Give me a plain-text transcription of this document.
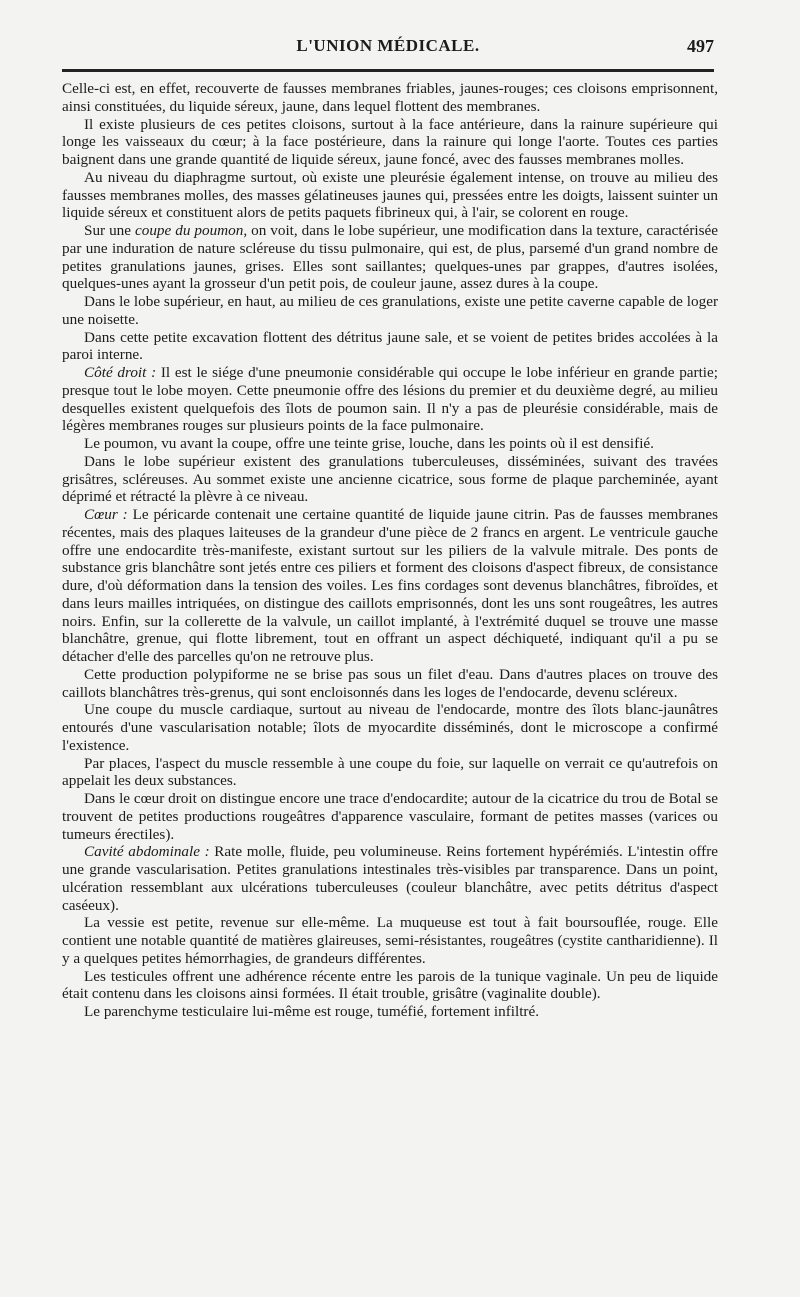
L'UNION MÉDICALE.	497

Celle-ci est, en effet, recouverte de fausses membranes friables, jaunes-rouges; ces cloisons emprisonnent, ainsi constituées, du liquide séreux, jaune, dans lequel flottent des membranes.

Il existe plusieurs de ces petites cloisons, surtout à la face antérieure, dans la rainure supérieure qui longe les vaisseaux du cœur; à la face postérieure, dans la rainure qui longe l'aorte. Toutes ces parties baignent dans une grande quantité de liquide séreux, jaune foncé, avec des fausses membranes molles.

Au niveau du diaphragme surtout, où existe une pleurésie également intense, on trouve au milieu des fausses membranes molles, des masses gélatineuses jaunes qui, pressées entre les doigts, laissent suinter un liquide séreux et constituent alors de petits paquets fibrineux qui, à l'air, se colorent en rouge.

Sur une coupe du poumon, on voit, dans le lobe supérieur, une modification dans la texture, caractérisée par une induration de nature scléreuse du tissu pulmonaire, qui est, de plus, parsemé d'un grand nombre de petites granulations jaunes, grises. Elles sont saillantes; quelques-unes par grappes, d'autres isolées, quelques-unes ayant la grosseur d'un petit pois, de couleur jaune, assez dures à la coupe.

Dans le lobe supérieur, en haut, au milieu de ces granulations, existe une petite caverne capable de loger une noisette.

Dans cette petite excavation flottent des détritus jaune sale, et se voient de petites brides accolées à la paroi interne.

Côté droit : Il est le siége d'une pneumonie considérable qui occupe le lobe inférieur en grande partie; presque tout le lobe moyen. Cette pneumonie offre des lésions du premier et du deuxième degré, au milieu desquelles existent quelquefois des îlots de poumon sain. Il n'y a pas de pleurésie considérable, mais de légères membranes rouges sur plusieurs points de la face pulmonaire.

Le poumon, vu avant la coupe, offre une teinte grise, louche, dans les points où il est densifié.

Dans le lobe supérieur existent des granulations tuberculeuses, disséminées, suivant des travées grisâtres, scléreuses. Au sommet existe une ancienne cicatrice, sous forme de plaque parcheminée, ayant déprimé et rétracté la plèvre à ce niveau.

Cœur : Le péricarde contenait une certaine quantité de liquide jaune citrin. Pas de fausses membranes récentes, mais des plaques laiteuses de la grandeur d'une pièce de 2 francs en argent. Le ventricule gauche offre une endocardite très-manifeste, existant surtout sur les piliers de la valvule mitrale. Des ponts de substance gris blanchâtre sont jetés entre ces piliers et forment des cloisons d'aspect fibreux, de consistance dure, d'où déformation dans la tension des voiles. Les fins cordages sont devenus blanchâtres, fibroïdes, et dans leurs mailles intriquées, on distingue des caillots emprisonnés, dont les uns sont rougeâtres, les autres noirs. Enfin, sur la collerette de la valvule, un caillot implanté, à l'extrémité duquel se trouve une masse blanchâtre, grenue, qui flotte librement, tout en offrant un aspect déchiqueté, indiquant qu'il a pu se détacher d'elle des parcelles qu'on ne retrouve plus.

Cette production polypiforme ne se brise pas sous un filet d'eau. Dans d'autres places on trouve des caillots blanchâtres très-grenus, qui sont encloisonnés dans les loges de l'endocarde, devenu scléreux.

Une coupe du muscle cardiaque, surtout au niveau de l'endocarde, montre des îlots blanc-jaunâtres entourés d'une vascularisation notable; îlots de myocardite disséminés, dont le microscope a confirmé l'existence.

Par places, l'aspect du muscle ressemble à une coupe du foie, sur laquelle on verrait ce qu'autrefois on appelait les deux substances.

Dans le cœur droit on distingue encore une trace d'endocardite; autour de la cicatrice du trou de Botal se trouvent de petites productions rougeâtres d'apparence vasculaire, formant de petites masses (varices ou tumeurs érectiles).

Cavité abdominale : Rate molle, fluide, peu volumineuse. Reins fortement hypérémiés. L'intestin offre une grande vascularisation. Petites granulations intestinales très-visibles par transparence. Dans un point, ulcération ressemblant aux ulcérations tuberculeuses (couleur blanchâtre, avec petits détritus d'aspect caséeux).

La vessie est petite, revenue sur elle-même. La muqueuse est tout à fait boursouflée, rouge. Elle contient une notable quantité de matières glaireuses, semi-résistantes, rougeâtres (cystite cantharidienne). Il y a quelques petites hémorrhagies, de grandeurs différentes.

Les testicules offrent une adhérence récente entre les parois de la tunique vaginale. Un peu de liquide était contenu dans les cloisons ainsi formées. Il était trouble, grisâtre (vaginalite double).

Le parenchyme testiculaire lui-même est rouge, tuméfié, fortement infiltré.
